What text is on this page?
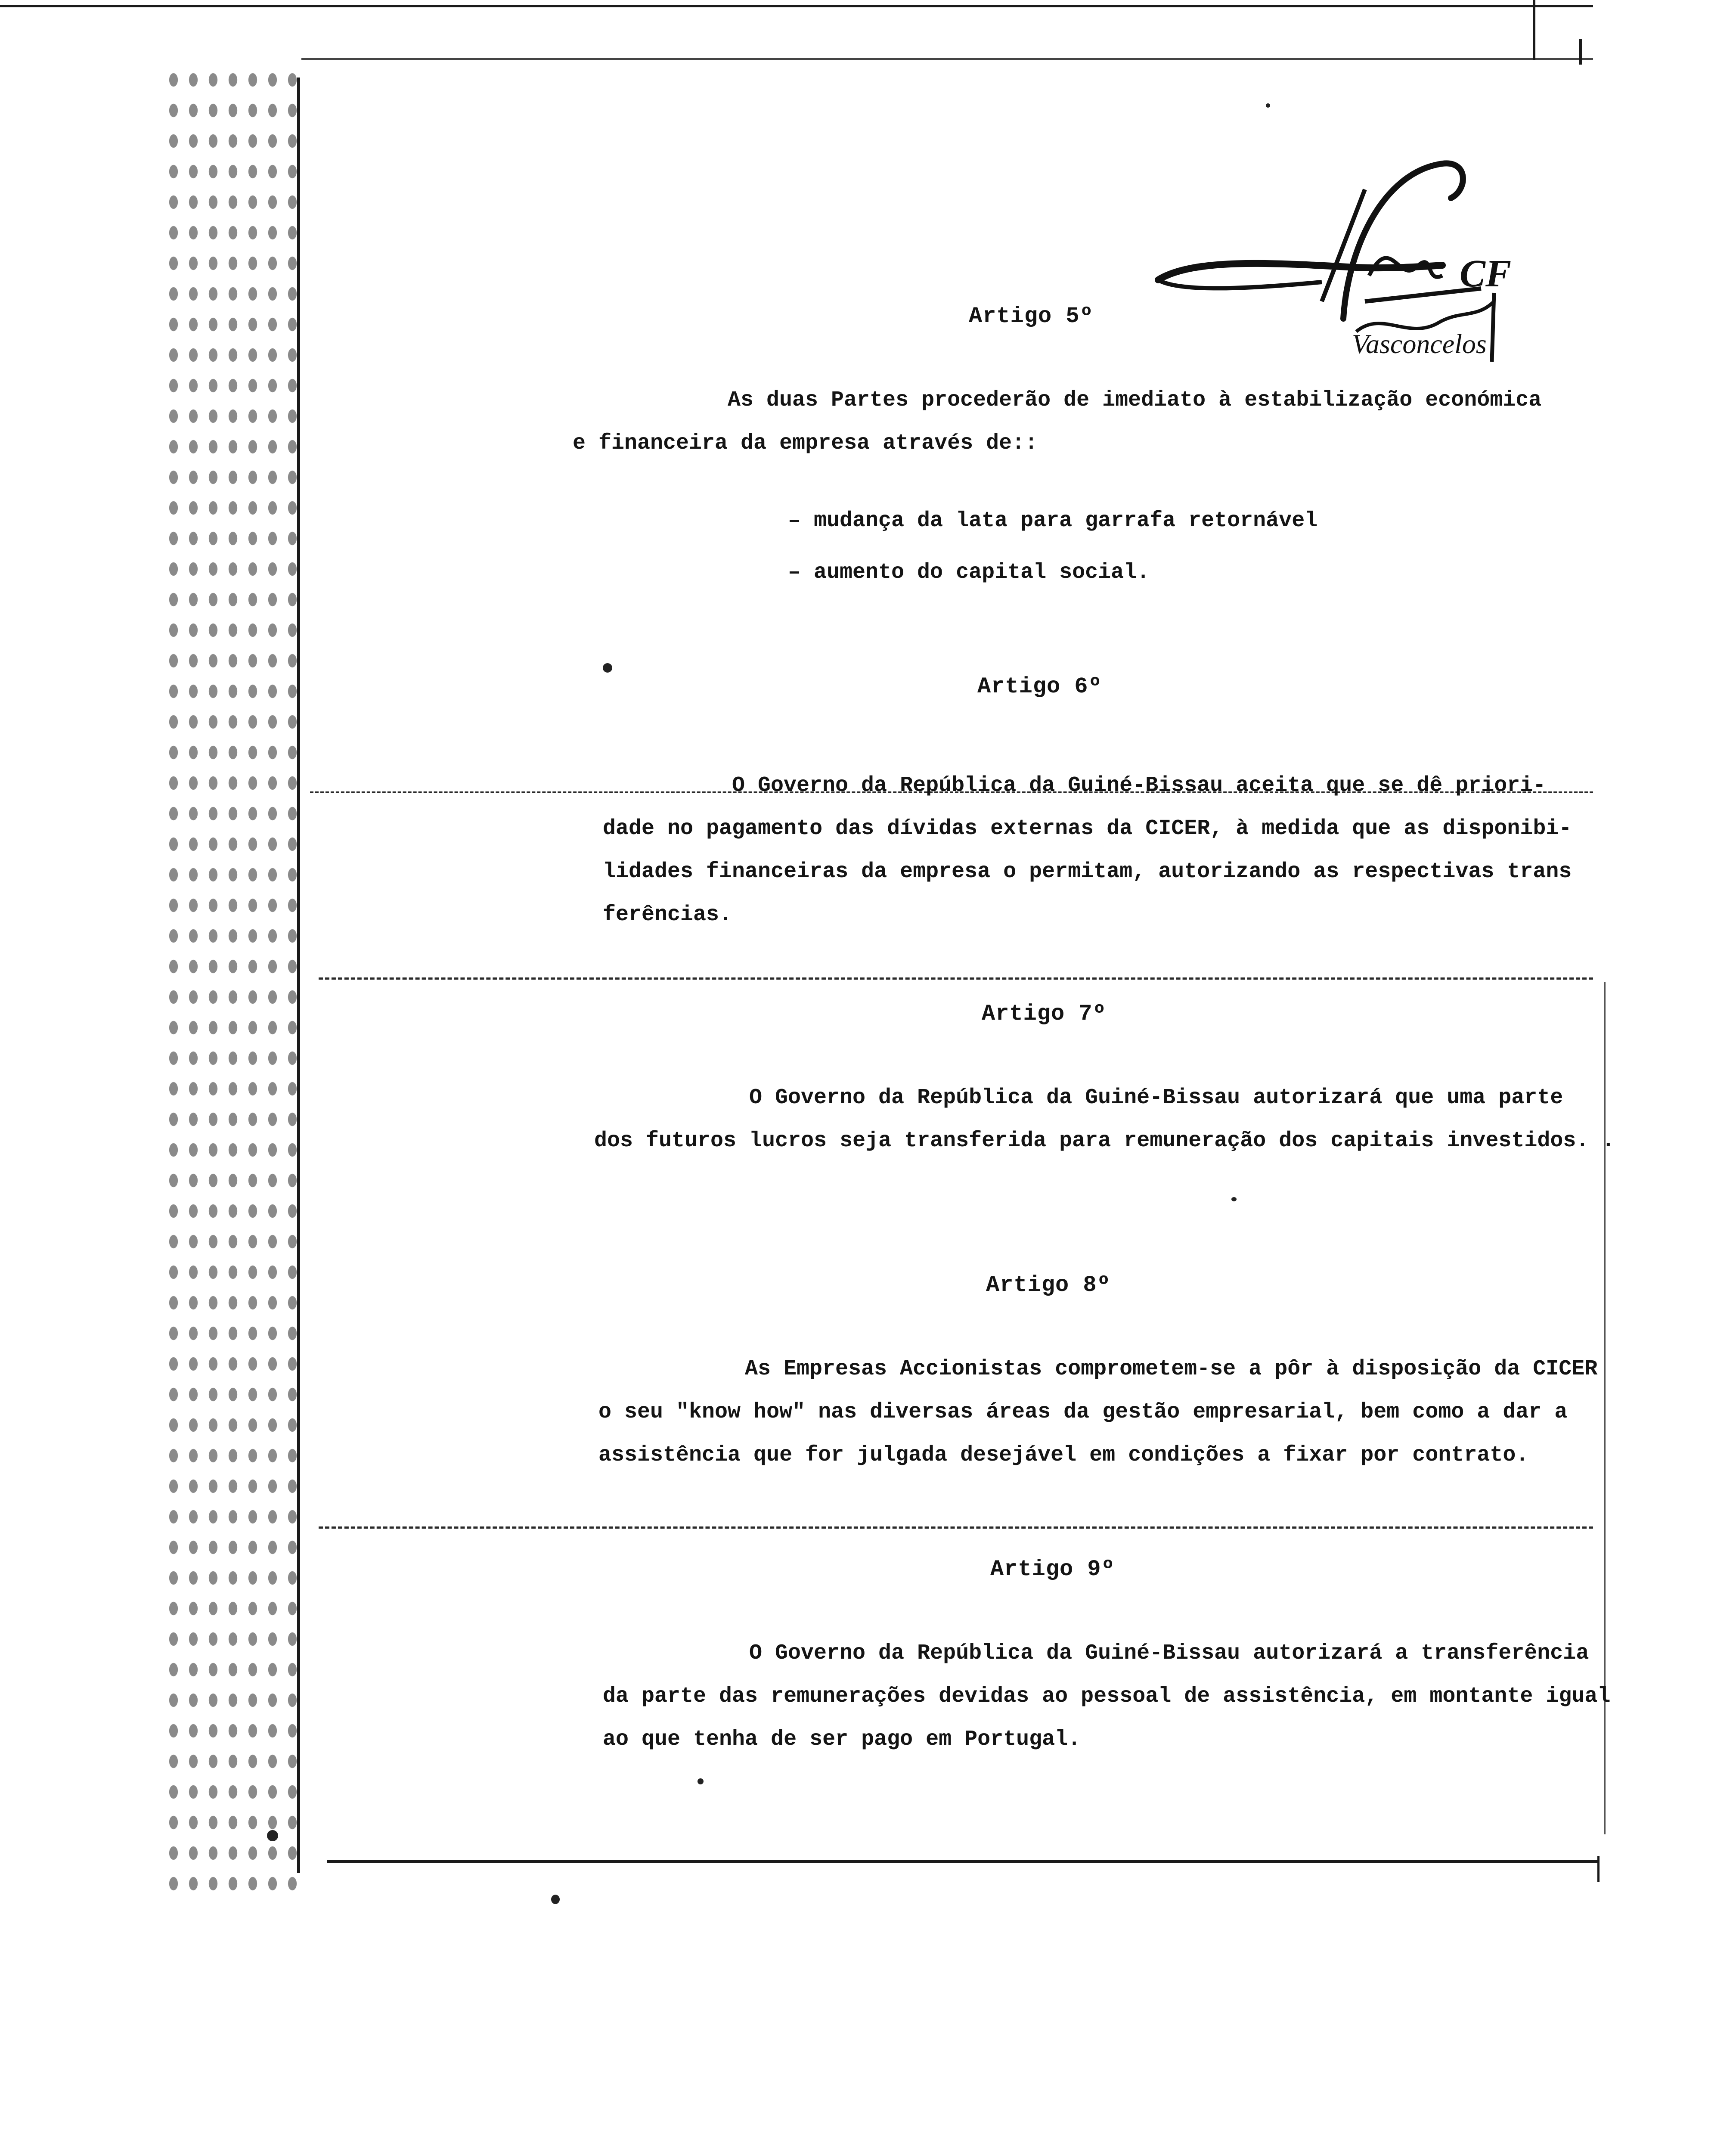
CF
Vasconcelos
Artigo 5º

As duas Partes procederão de imediato à estabilização económica

e financeira da empresa através de::

– mudança da lata para garrafa retornável
– aumento do capital social.
Artigo 6º

O Governo da República da Guiné-Bissau aceita que se dê priori-

dade no pagamento das dívidas externas da CICER, à medida que as disponibi-

lidades financeiras da empresa o permitam, autorizando as respectivas trans

ferências.

Artigo 7º

O Governo da República da Guiné-Bissau autorizará que uma parte

dos futuros lucros seja transferida para remuneração dos capitais investidos. .

Artigo 8º

As Empresas Accionistas comprometem-se a pôr à disposição da CICER

o seu "know how" nas diversas áreas da gestão empresarial, bem como a dar a

assistência que for julgada desejável em condições a fixar por contrato.

Artigo 9º

O Governo da República da Guiné-Bissau autorizará a transferência

da parte das remunerações devidas ao pessoal de assistência, em montante igual

ao que tenha de ser pago em Portugal.
